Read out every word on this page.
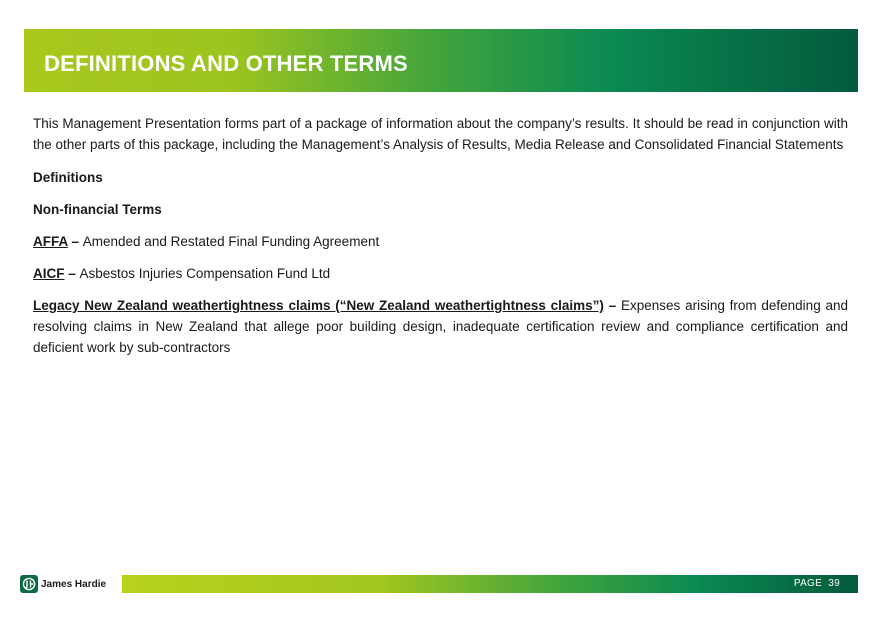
DEFINITIONS AND OTHER TERMS

This Management Presentation forms part of a package of information about the company’s results. It should be read in conjunction with the other parts of this package, including the Management’s Analysis of Results, Media Release and Consolidated Financial Statements

Definitions

Non-financial Terms

AFFA – Amended and Restated Final Funding Agreement

AICF – Asbestos Injuries Compensation Fund Ltd

Legacy New Zealand weathertightness claims (“New Zealand weathertightness claims”) – Expenses arising from defending and resolving claims in New Zealand that allege poor building design, inadequate certification review and compliance certification and deficient work by sub-contractors

James Hardie	PAGE 39
